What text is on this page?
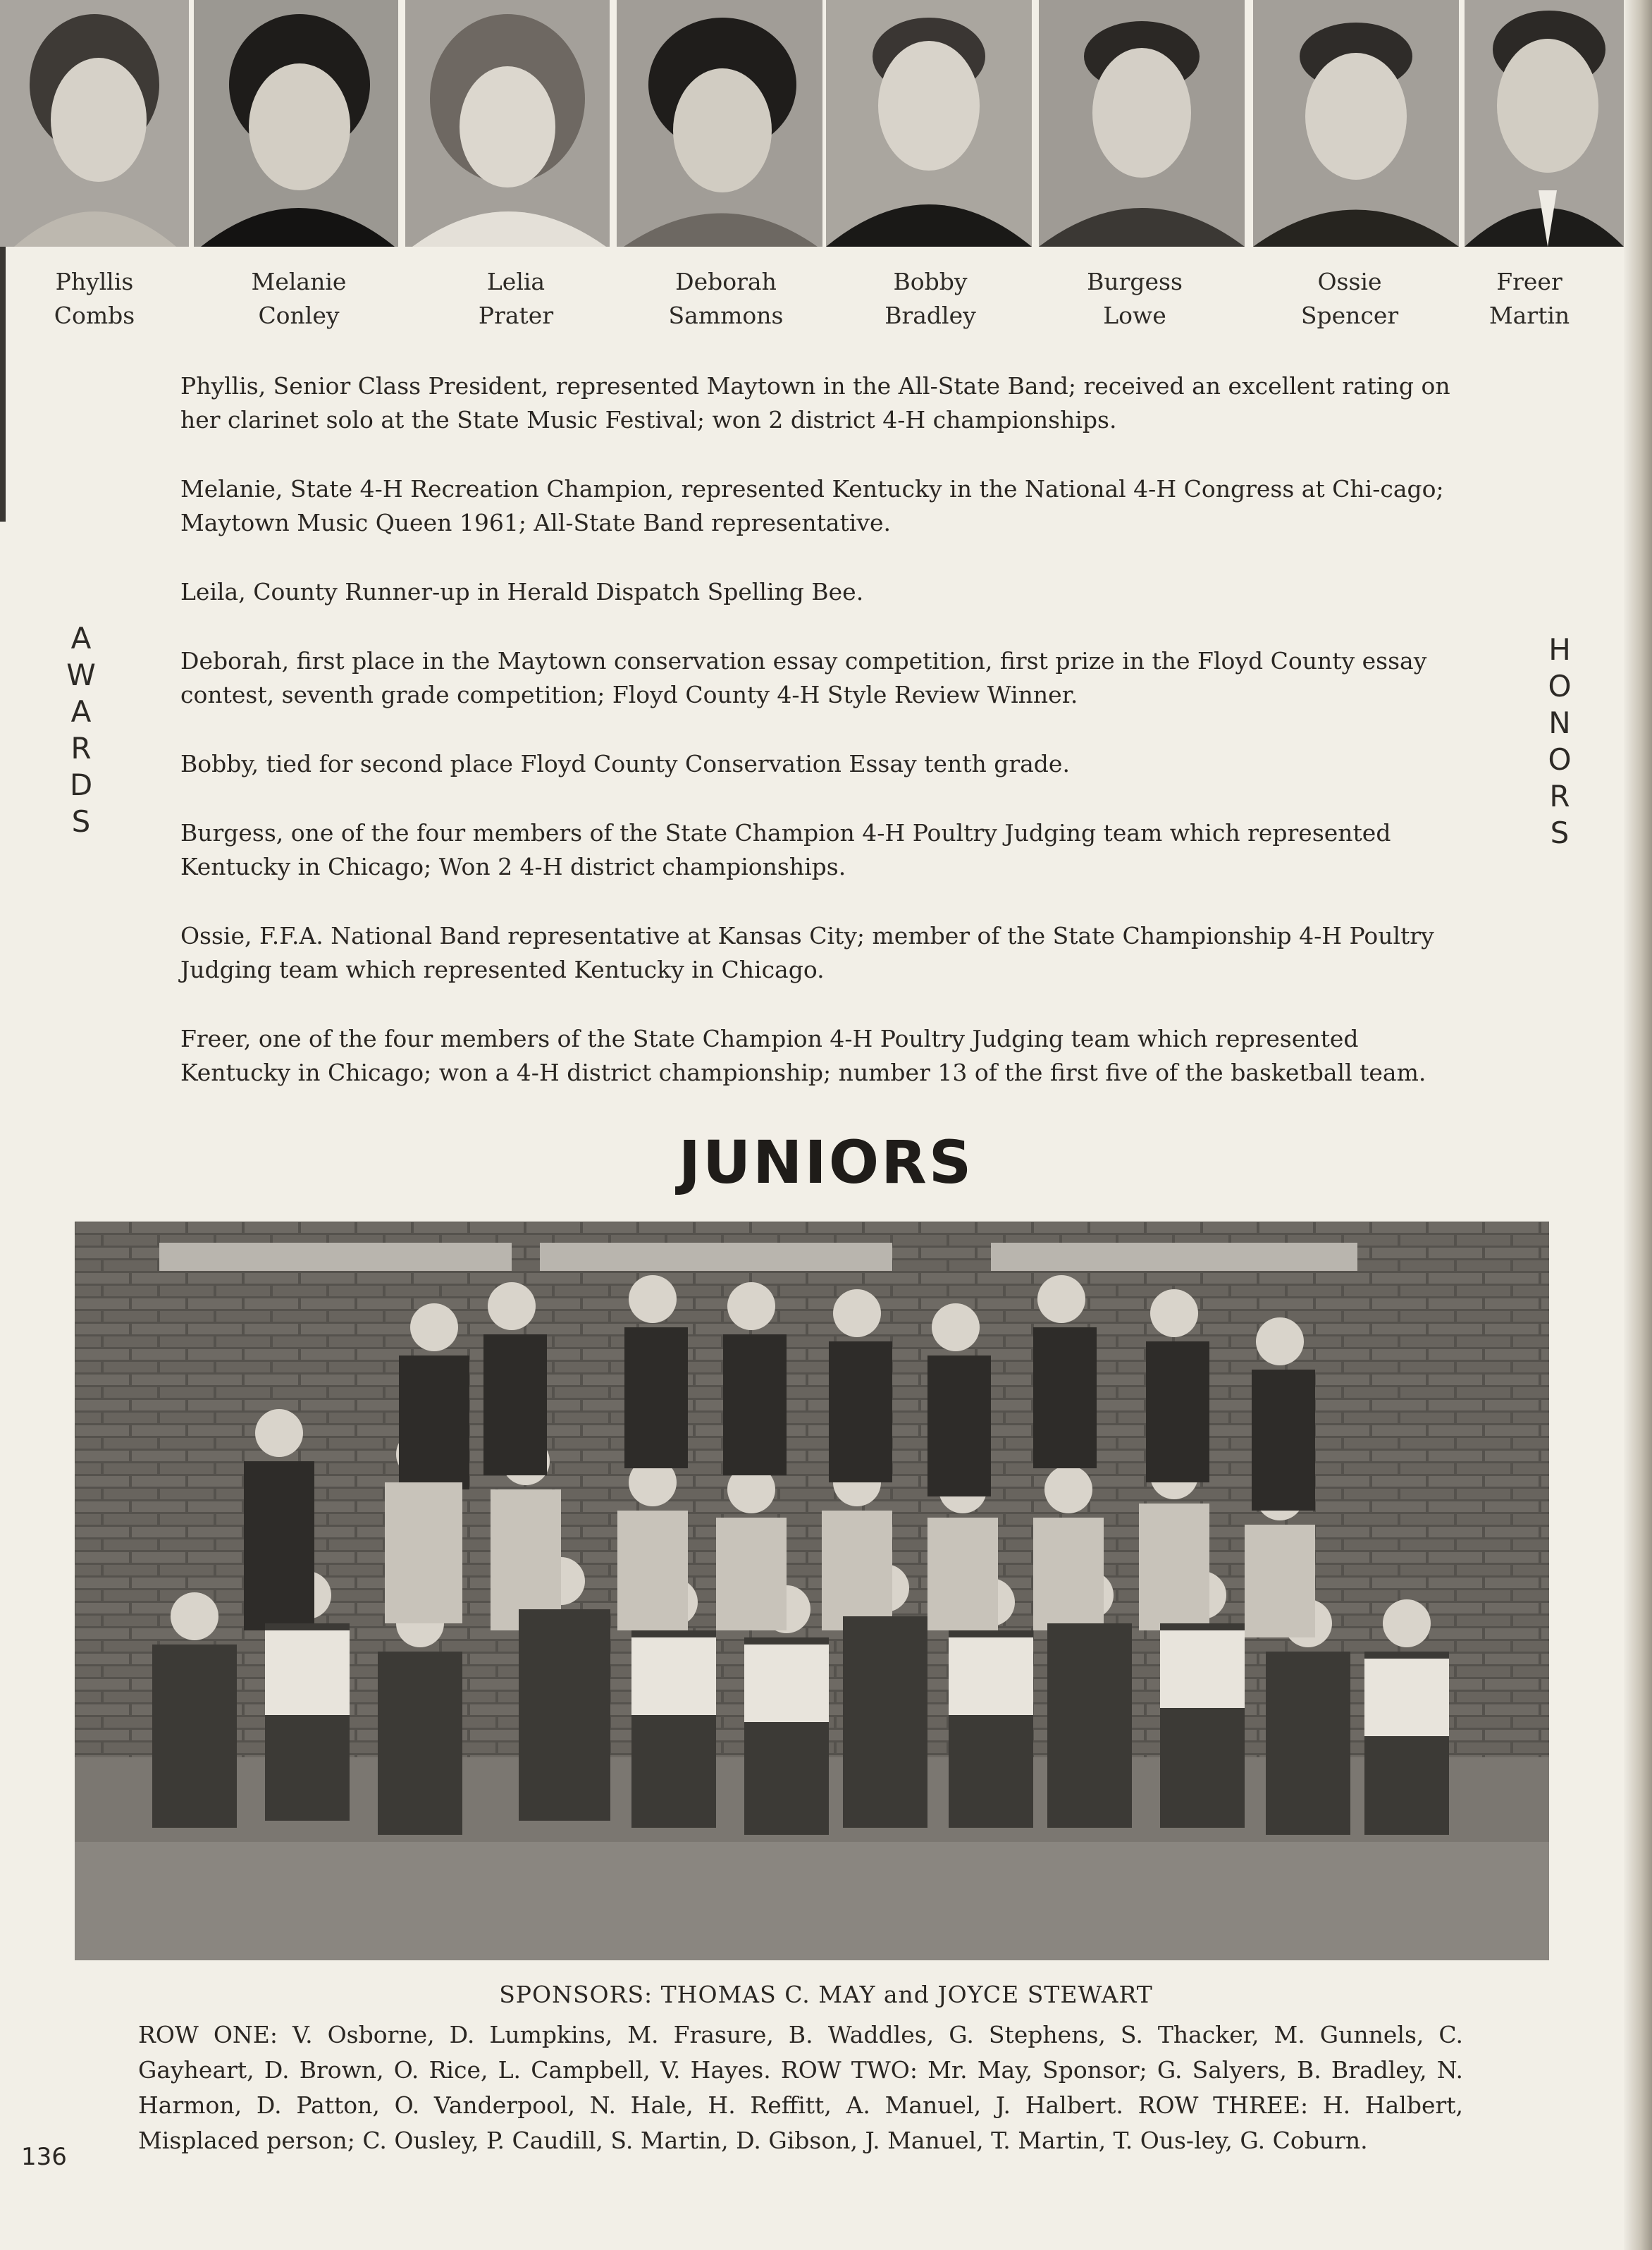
Phyllis
Combs
Melanie
Conley
Lelia
Prater
Deborah
Sammons
Bobby
Bradley
Burgess
Lowe
Ossie
Spencer
Freer
Martin
A
W
A
R
D
S
H
O
N
O
R
S

Phyllis, Senior Class President, represented Maytown in the All-State Band; received an excellent rating on her clarinet solo at the State Music Festival; won 2 district 4-H championships.

Melanie, State 4-H Recreation Champion, represented Kentucky in the National 4-H Congress at Chi-cago; Maytown Music Queen 1961; All-State Band representative.

Leila, County Runner-up in Herald Dispatch Spelling Bee.

Deborah, first place in the Maytown conservation essay competition, first prize in the Floyd County essay contest, seventh grade competition; Floyd County 4-H Style Review Winner.

Bobby, tied for second place Floyd County Conservation Essay tenth grade.

Burgess, one of the four members of the State Champion 4-H Poultry Judging team which represented Kentucky in Chicago; Won 2 4-H district championships.

Ossie, F.F.A. National Band representative at Kansas City; member of the State Championship 4-H Poultry Judging team which represented Kentucky in Chicago.

Freer, one of the four members of the State Champion 4-H Poultry Judging team which represented Kentucky in Chicago; won a 4-H district championship; number 13 of the first five of the basketball team.

JUNIORS
SPONSORS: THOMAS C. MAY and JOYCE STEWART
ROW ONE: V. Osborne, D. Lumpkins, M. Frasure, B. Waddles, G. Stephens, S. Thacker, M. Gunnels, C. Gayheart, D. Brown, O. Rice, L. Campbell, V. Hayes. ROW TWO: Mr. May, Sponsor; G. Salyers, B. Bradley, N. Harmon, D. Patton, O. Vanderpool, N. Hale, H. Reffitt, A. Manuel, J. Halbert. ROW THREE: H. Halbert, Misplaced person; C. Ousley, P. Caudill, S. Martin, D. Gibson, J. Manuel, T. Martin, T. Ous-ley, G. Coburn.
136
